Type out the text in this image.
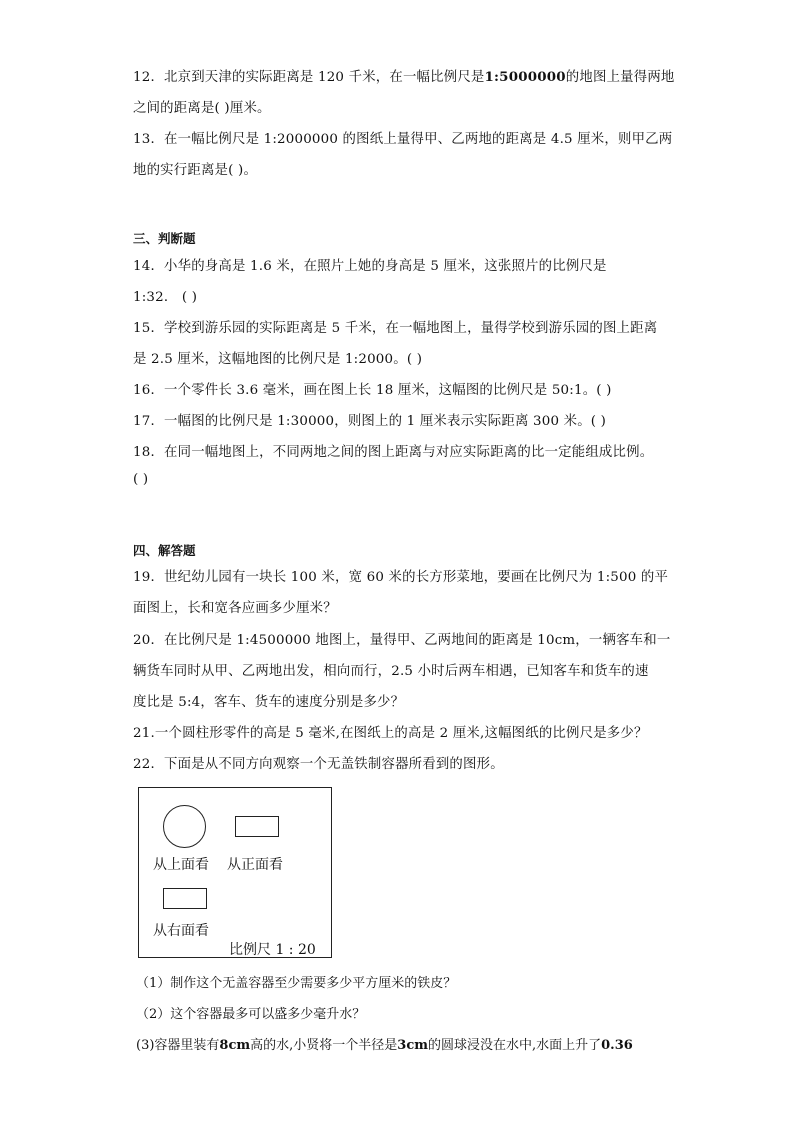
12．北京到天津的实际距离是 120 千米，在一幅比例尺是1:5000000的地图上量得两地
之间的距离是( )厘米。
13．在一幅比例尺是 1:2000000 的图纸上量得甲、乙两地的距离是 4.5 厘米，则甲乙两
地的实行距离是( )。
三、判断题
14．小华的身高是 1.6 米，在照片上她的身高是 5 厘米，这张照片的比例尺是
1:32． ( )
15．学校到游乐园的实际距离是 5 千米，在一幅地图上，量得学校到游乐园的图上距离
是 2.5 厘米，这幅地图的比例尺是 1:2000。( )
16．一个零件长 3.6 毫米，画在图上长 18 厘米，这幅图的比例尺是 50:1。( )
17．一幅图的比例尺是 1:30000，则图上的 1 厘米表示实际距离 300 米。( )
18．在同一幅地图上，不同两地之间的图上距离与对应实际距离的比一定能组成比例。
( )
四、解答题
19．世纪幼儿园有一块长 100 米，宽 60 米的长方形菜地，要画在比例尺为 1:500 的平
面图上，长和宽各应画多少厘米？
20．在比例尺是 1:4500000 地图上，量得甲、乙两地间的距离是 10cm，一辆客车和一
辆货车同时从甲、乙两地出发，相向而行，2.5 小时后两车相遇，已知客车和货车的速
度比是 5:4，客车、货车的速度分别是多少？
21.一个圆柱形零件的高是 5 毫米,在图纸上的高是 2 厘米,这幅图纸的比例尺是多少？
22．下面是从不同方向观察一个无盖铁制容器所看到的图形。
从上面看 从正面看
从右面看
比例尺 1 : 20
（1）制作这个无盖容器至少需要多少平方厘米的铁皮？
（2）这个容器最多可以盛多少毫升水？
(3)容器里装有8cm高的水,小贤将一个半径是3cm的圆球浸没在水中,水面上升了0.36
